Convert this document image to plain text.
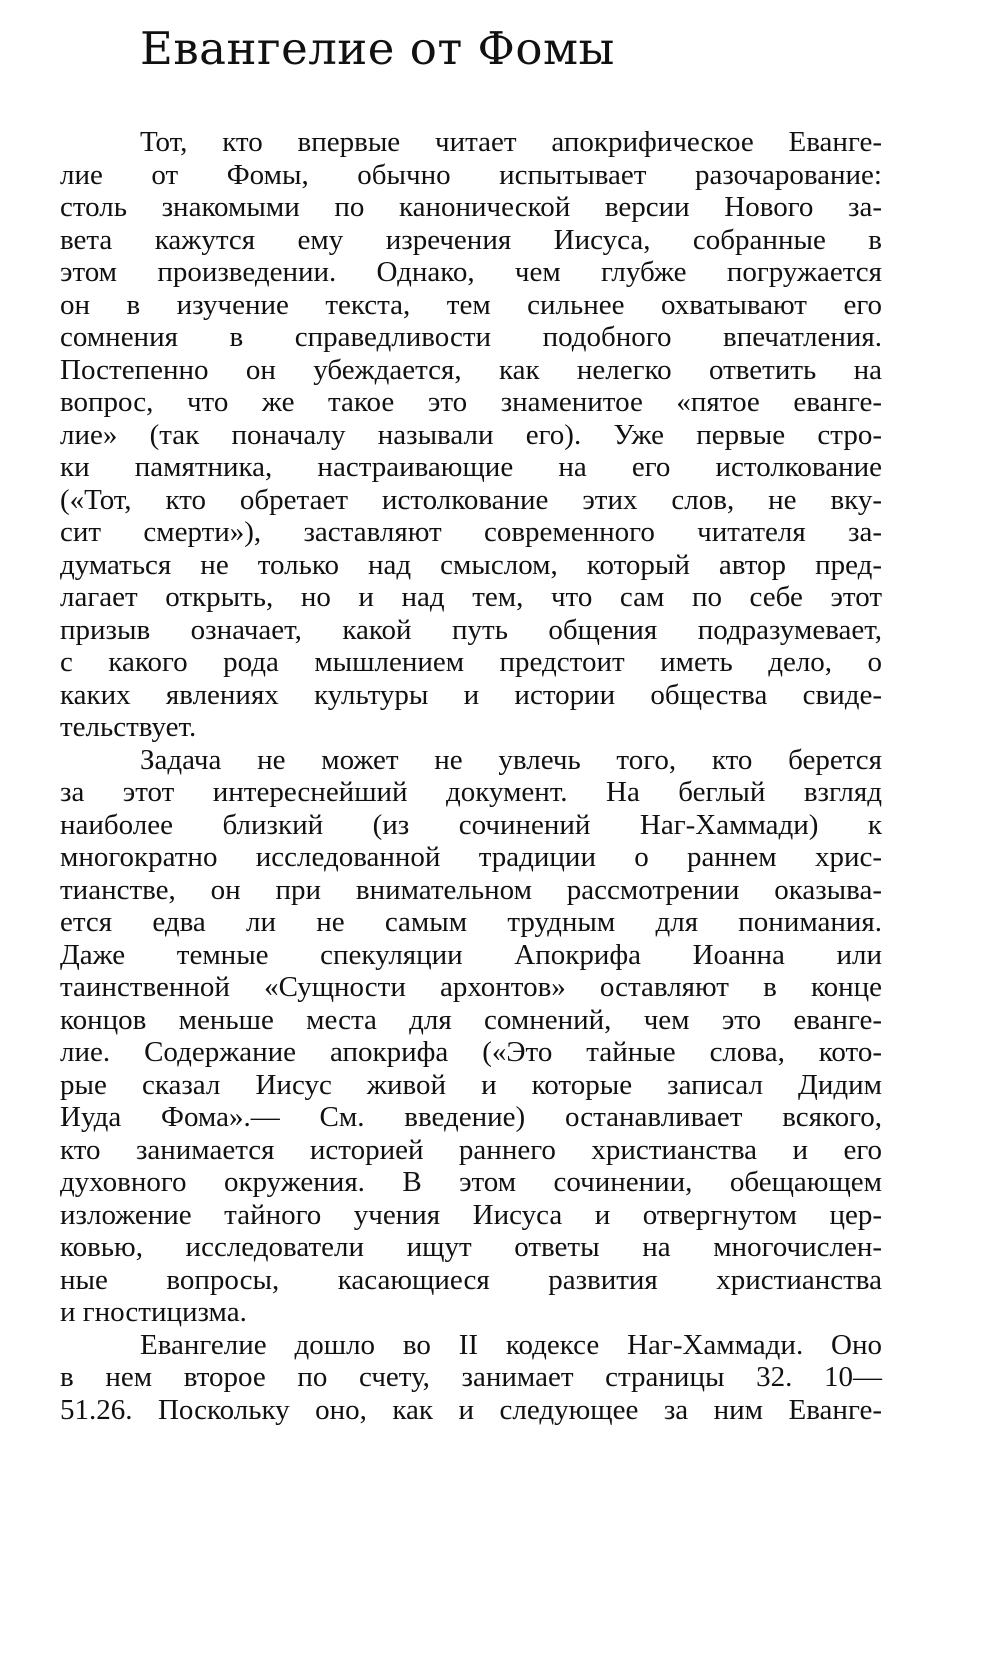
Евангелие от Фомы
Тот, кто впервые читает апокрифическое Еванге-
лие от Фомы, обычно испытывает разочарование:
столь знакомыми по канонической версии Нового за-
вета кажутся ему изречения Иисуса, собранные в
этом произведении. Однако, чем глубже погружается
он в изучение текста, тем сильнее охватывают его
сомнения в справедливости подобного впечатления.
Постепенно он убеждается, как нелегко ответить на
вопрос, что же такое это знаменитое «пятое еванге-
лие» (так поначалу называли его). Уже первые стро-
ки памятника, настраивающие на его истолкование
(«Тот, кто обретает истолкование этих слов, не вку-
сит смерти»), заставляют современного читателя за-
думаться не только над смыслом, который автор пред-
лагает открыть, но и над тем, что сам по себе этот
призыв означает, какой путь общения подразумевает,
с какого рода мышлением предстоит иметь дело, о
каких явлениях культуры и истории общества свиде-
тельствует.
Задача не может не увлечь того, кто берется
за этот интереснейший документ. На беглый взгляд
наиболее близкий (из сочинений Наг-Хаммади) к
многократно исследованной традиции о раннем хрис-
тианстве, он при внимательном рассмотрении оказыва-
ется едва ли не самым трудным для понимания.
Даже темные спекуляции Апокрифа Иоанна или
таинственной «Сущности архонтов» оставляют в конце
концов меньше места для сомнений, чем это еванге-
лие. Содержание апокрифа («Это тайные слова, кото-
рые сказал Иисус живой и которые записал Дидим
Иуда Фома».— См. введение) останавливает всякого,
кто занимается историей раннего христианства и его
духовного окружения. В этом сочинении, обещающем
изложение тайного учения Иисуса и отвергнутом цер-
ковью, исследователи ищут ответы на многочислен-
ные вопросы, касающиеся развития христианства
и гностицизма.
Евангелие дошло во II кодексе Наг-Хаммади. Оно
в нем второе по счету, занимает страницы 32. 10—
51.26. Поскольку оно, как и следующее за ним Еванге-
